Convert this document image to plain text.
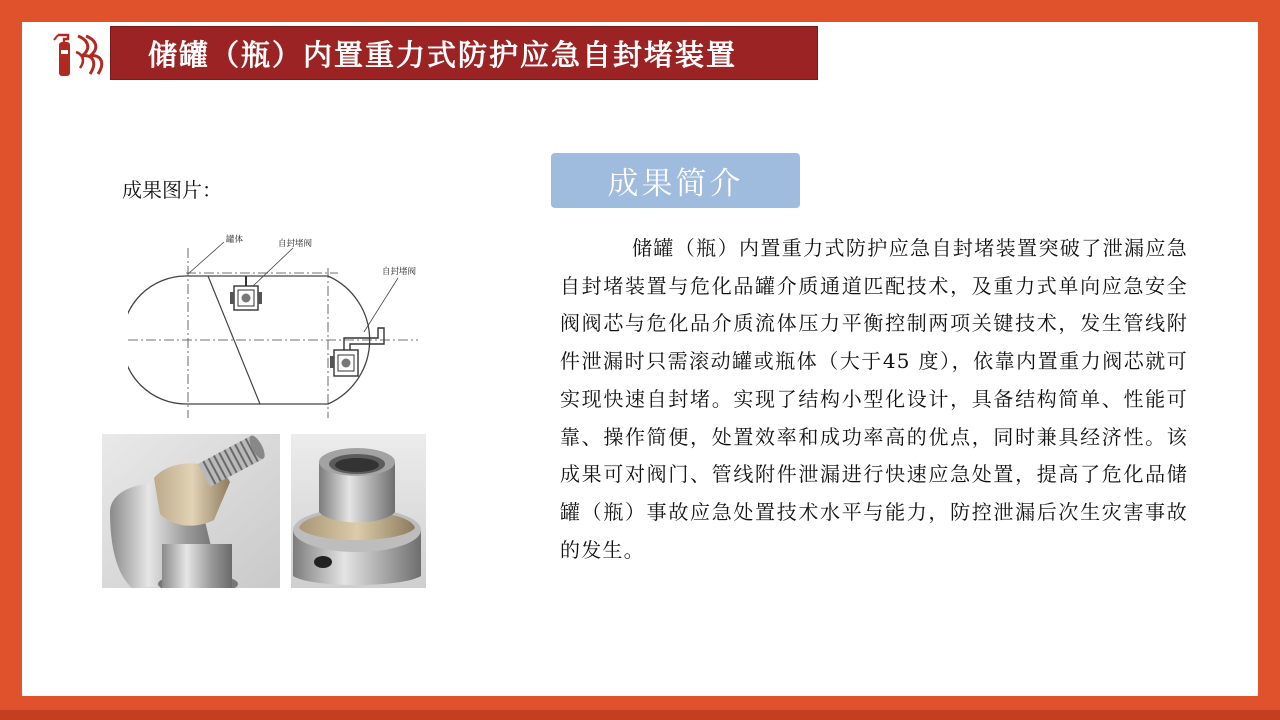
储罐（瓶）内置重力式防护应急自封堵装置
成果图片：
罐体	自封堵阀
自封堵阀
成果简介

储罐（瓶）内置重力式防护应急自封堵装置突破了泄漏应急自封堵装置与危化品罐介质通道匹配技术，及重力式单向应急安全阀阀芯与危化品介质流体压力平衡控制两项关键技术，发生管线附件泄漏时只需滚动罐或瓶体（大于45 度），依靠内置重力阀芯就可实现快速自封堵。实现了结构小型化设计，具备结构简单、性能可靠、操作简便，处置效率和成功率高的优点，同时兼具经济性。该成果可对阀门、管线附件泄漏进行快速应急处置，提高了危化品储罐（瓶）事故应急处置技术水平与能力，防控泄漏后次生灾害事故的发生。
